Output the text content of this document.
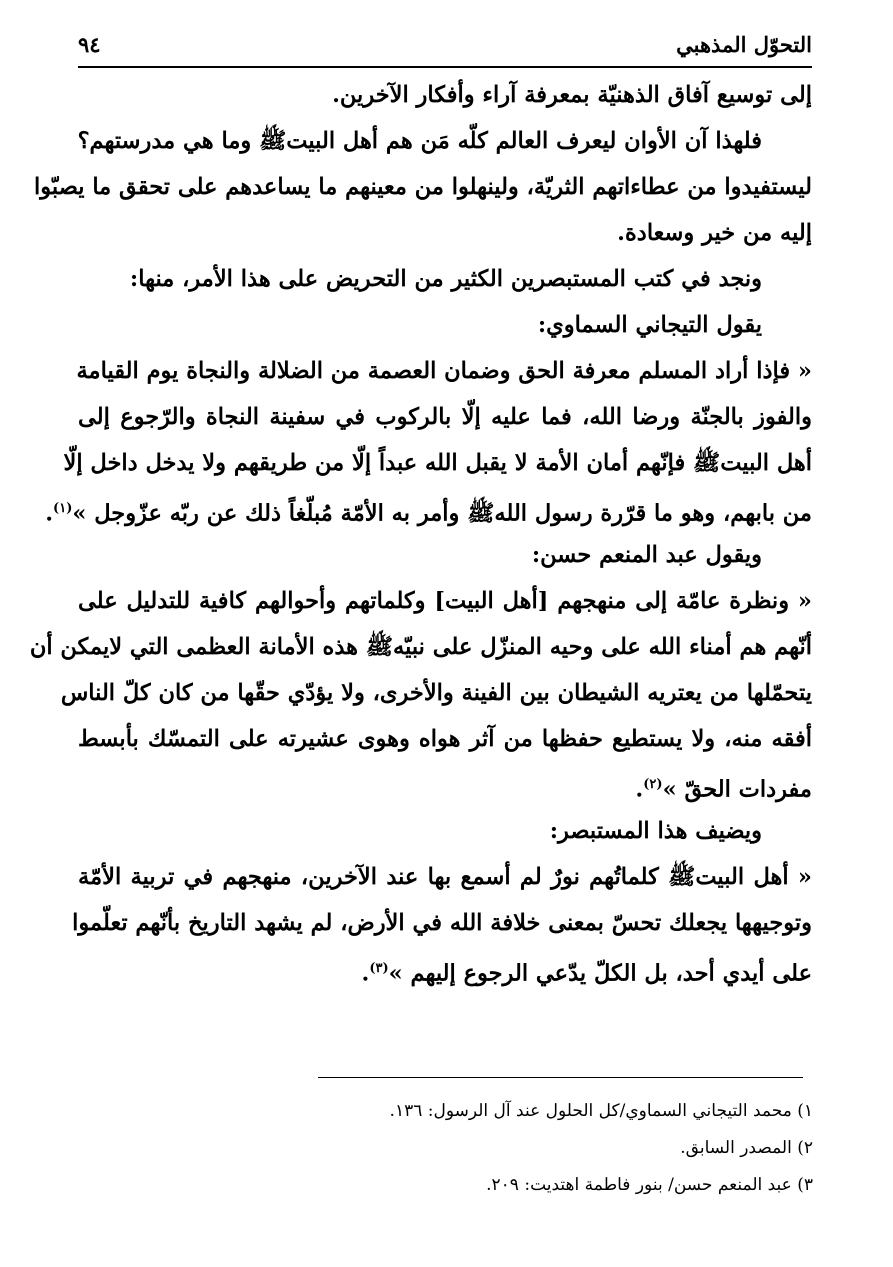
التحوّل المذهبي
٩٤
إلى توسيع آفاق الذهنيّة بمعرفة آراء وأفكار الآخرين.
فلهذا آن الأوان ليعرف العالم كلّه مَن هم أهل البيتﷺ وما هي مدرستهم؟
ليستفيدوا من عطاءاتهم الثريّة، ولينهلوا من معينهم ما يساعدهم على تحقق ما يصبّوا
إليه من خير وسعادة.
ونجد في كتب المستبصرين الكثير من التحريض على هذا الأمر، منها:
يقول التيجاني السماوي:
« فإذا أراد المسلم معرفة الحق وضمان العصمة من الضلالة والنجاة يوم القيامة
والفوز بالجنّة ورضا الله، فما عليه إلّا بالركوب في سفينة النجاة والرّجوع إلى
أهل البيتﷺ فإنّهم أمان الأمة لا يقبل الله عبداً إلّا من طريقهم ولا يدخل داخل إلّا
من بابهم، وهو ما قرّرة رسول اللهﷺ وأمر به الأمّة مُبلّغاً ذلك عن ربّه عزّوجل »$^{(١)}$.
ويقول عبد المنعم حسن:
« ونظرة عامّة إلى منهجهم [أهل البيت] وكلماتهم وأحوالهم كافية للتدليل على
أنّهم هم أمناء الله على وحيه المنزّل على نبيّهﷺ هذه الأمانة العظمى التي لايمكن أن
يتحمّلها من يعتريه الشيطان بين الفينة والأخرى، ولا يؤدّي حقّها من كان كلّ الناس
أفقه منه، ولا يستطيع حفظها من آثر هواه وهوى عشيرته على التمسّك بأبسط
مفردات الحقّ »$^{(٢)}$.
ويضيف هذا المستبصر:
« أهل البيتﷺ كلماتُهم نورٌ لم أسمع بها عند الآخرين، منهجهم في تربية الأمّة
وتوجيهها يجعلك تحسّ بمعنى خلافة الله في الأرض، لم يشهد التاريخ بأنّهم تعلّموا
على أيدي أحد، بل الكلّ يدّعي الرجوع إليهم »$^{(٣)}$.
١) محمد التيجاني السماوي/كل الحلول عند آل الرسول: ١٣٦.
٢) المصدر السابق.
٣) عبد المنعم حسن/ بنور فاطمة اهتديت: ٢٠٩.
